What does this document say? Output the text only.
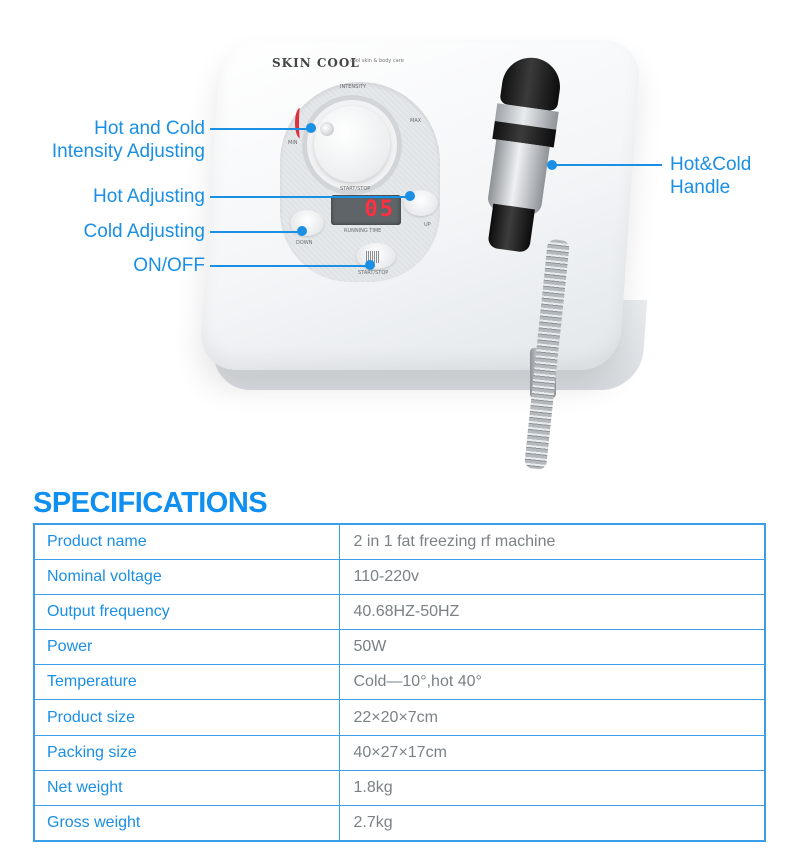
SKIN COOL
cool skin & body care
INTENSITY
MIN
MAX
START/STOP
05
RUNNING TIME
DOWN
UP
START/STOP
Hot and Cold
Intensity Adjusting
Hot Adjusting
Cold Adjusting
ON/OFF
Hot&Cold
Handle
SPECIFICATIONS
Product name	2 in 1 fat freezing rf machine
Nominal voltage	110-220v
Output frequency	40.68HZ-50HZ
Power	50W
Temperature	Cold—10°,hot 40°
Product size	22×20×7cm
Packing size	40×27×17cm
Net weight	1.8kg
Gross weight	2.7kg
